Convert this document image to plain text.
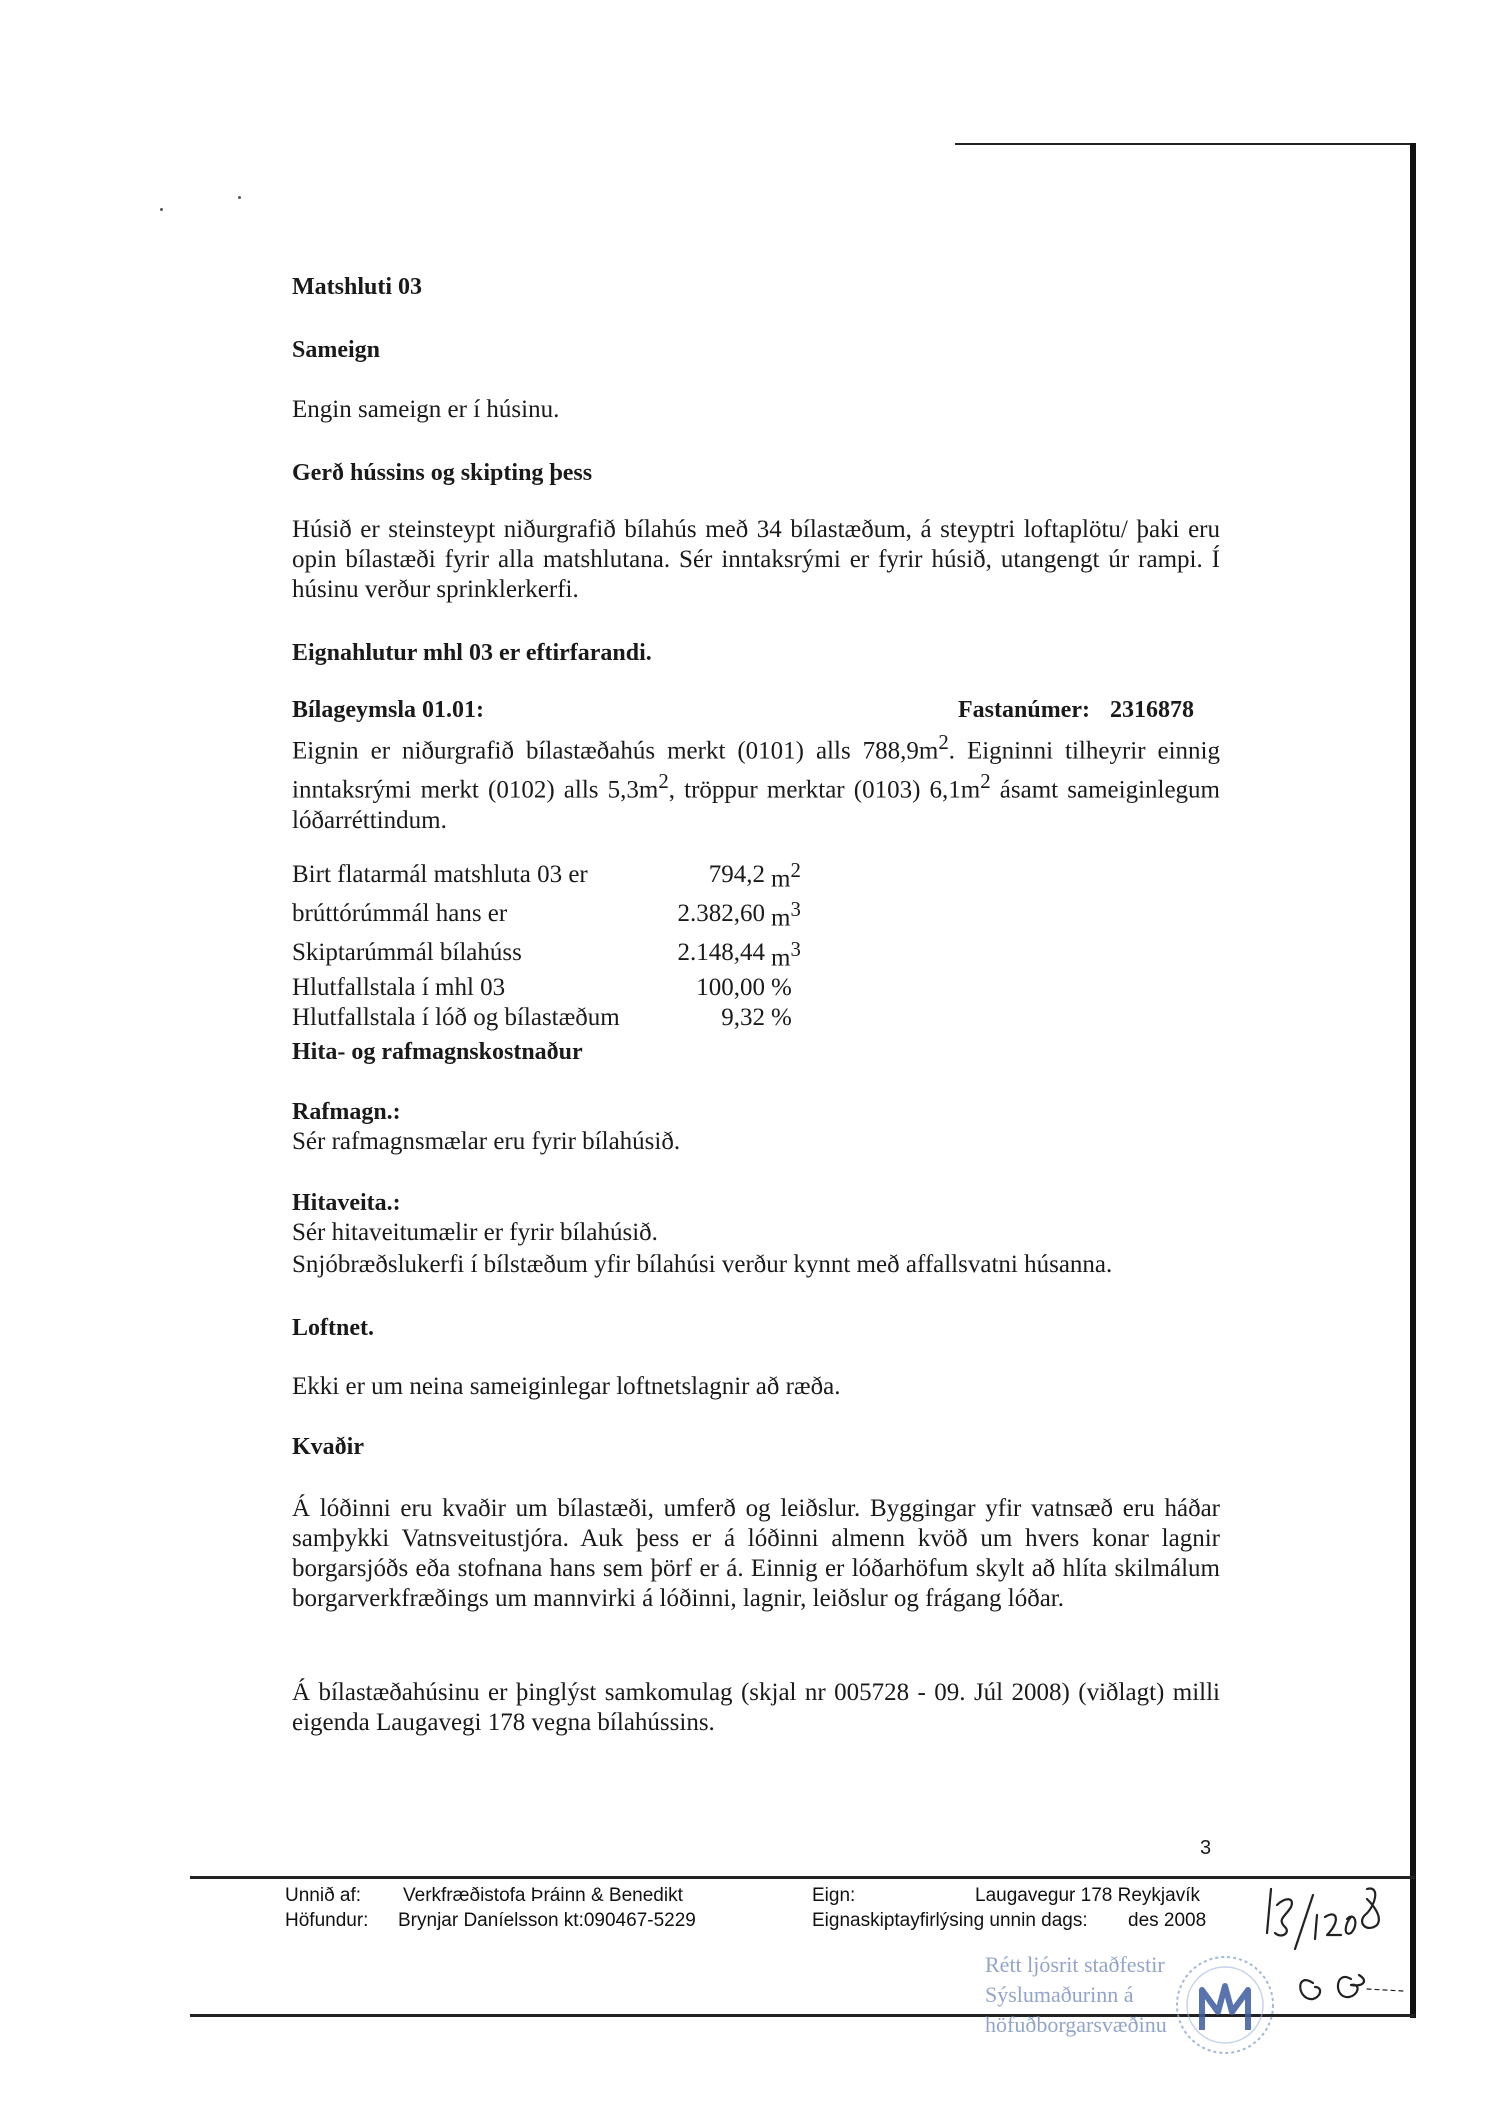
Matshluti 03
Sameign
Engin sameign er í húsinu.
Gerð hússins og skipting þess
Húsið er steinsteypt niðurgrafið bílahús með 34 bílastæðum, á steyptri loftaplötu/ þaki eru opin bílastæði fyrir alla matshlutana. Sér inntaksrými er fyrir húsið, utangengt úr rampi. Í húsinu verður sprinklerkerfi.
Eignahlutur mhl 03 er eftirfarandi.
Bílageymsla 01.01:	Fastanúmer: 2316878
Eignin er niðurgrafið bílastæðahús merkt (0101) alls $788,9m^2$. Eigninni tilheyrir einnig inntaksrými merkt (0102) alls $5,3m^2$, tröppur merktar (0103) $6,1m^2$ ásamt sameiginlegum lóðarréttindum.
Birt flatarmál matshluta 03 er	794,2	$m^2$
brúttórúmmál hans er	2.382,60	$m^3$
Skiptarúmmál bílahúss	2.148,44	$m^3$
Hlutfallstala í mhl 03	100,00	%
Hlutfallstala í lóð og bílastæðum	9,32	%
Hita- og rafmagnskostnaður
Rafmagn.:
Sér rafmagnsmælar eru fyrir bílahúsið.
Hitaveita.:
Sér hitaveitumælir er fyrir bílahúsið.
Snjóbræðslukerfi í bílstæðum yfir bílahúsi verður kynnt með affallsvatni húsanna.
Loftnet.
Ekki er um neina sameiginlegar loftnetslagnir að ræða.
Kvaðir
Á lóðinni eru kvaðir um bílastæði, umferð og leiðslur. Byggingar yfir vatnsæð eru háðar samþykki Vatnsveitustjóra. Auk þess er á lóðinni almenn kvöð um hvers konar lagnir borgarsjóðs eða stofnana hans sem þörf er á. Einnig er lóðarhöfum skylt að hlíta skilmálum borgarverkfræðings um mannvirki á lóðinni, lagnir, leiðslur og frágang lóðar.
Á bílastæðahúsinu er þinglýst samkomulag (skjal nr 005728 - 09. Júl 2008) (viðlagt) milli eigenda Laugavegi 178 vegna bílahússins.
3
Unnið af: Verkfræðistofa Þráinn & Benedikt
Höfundur: Brynjar Daníelsson kt:090467-5229
Eign:	Laugavegur 178 Reykjavík
Eignaskiptayfirlýsing unnin dags: des 2008
Rétt ljósrit staðfestir
Sýslumaðurinn á
höfuðborgarsvæðinu
